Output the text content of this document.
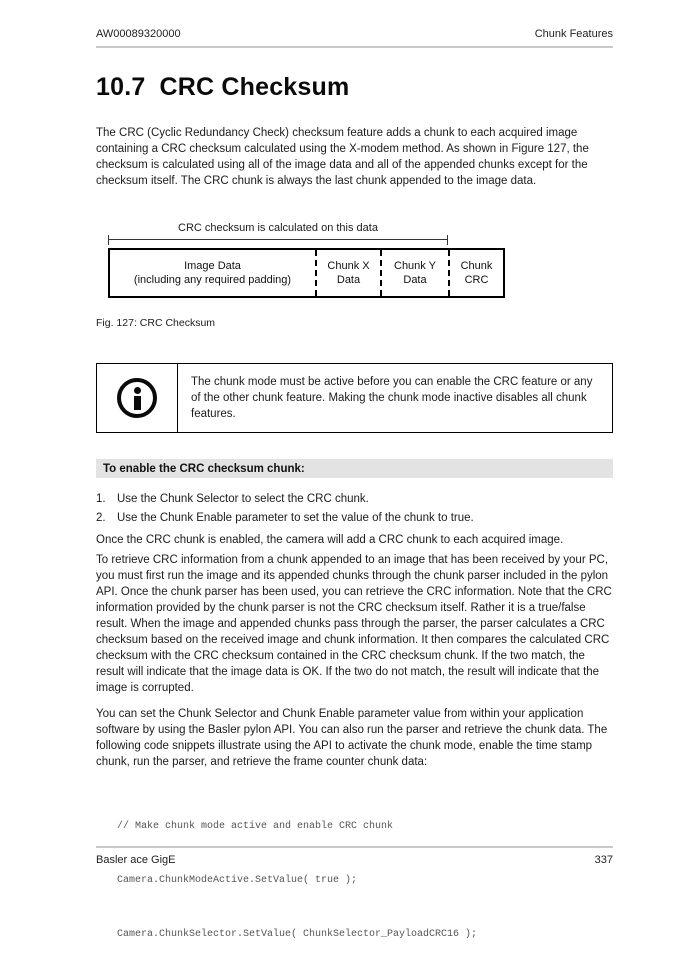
AW00089320000	Chunk Features
10.7 CRC Checksum

The CRC (Cyclic Redundancy Check) checksum feature adds a chunk to each acquired image containing a CRC checksum calculated using the X-modem method. As shown in Figure 127, the checksum is calculated using all of the image data and all of the appended chunks except for the checksum itself. The CRC chunk is always the last chunk appended to the image data.

CRC checksum is calculated on this data
Image Data
(including any required padding)
Chunk X
Data
Chunk Y
Data
Chunk
CRC
Fig. 127: CRC Checksum
The chunk mode must be active before you can enable the CRC feature or any of the other chunk feature. Making the chunk mode inactive disables all chunk features.
To enable the CRC checksum chunk:
1. Use the Chunk Selector to select the CRC chunk.
2. Use the Chunk Enable parameter to set the value of the chunk to true.

Once the CRC chunk is enabled, the camera will add a CRC chunk to each acquired image.

To retrieve CRC information from a chunk appended to an image that has been received by your PC, you must first run the image and its appended chunks through the chunk parser included in the pylon API. Once the chunk parser has been used, you can retrieve the CRC information. Note that the CRC information provided by the chunk parser is not the CRC checksum itself. Rather it is a true/false result. When the image and appended chunks pass through the parser, the parser calculates a CRC checksum based on the received image and chunk information. It then compares the calculated CRC checksum with the CRC checksum contained in the CRC checksum chunk. If the two match, the result will indicate that the image data is OK. If the two do not match, the result will indicate that the image is corrupted.

You can set the Chunk Selector and Chunk Enable parameter value from within your application software by using the Basler pylon API. You can also run the parser and retrieve the chunk data. The following code snippets illustrate using the API to activate the chunk mode, enable the time stamp chunk, run the parser, and retrieve the frame counter chunk data:

// Make chunk mode active and enable CRC chunk

Camera.ChunkModeActive.SetValue( true );

Camera.ChunkSelector.SetValue( ChunkSelector_PayloadCRC16 );

Basler ace GigE	337
